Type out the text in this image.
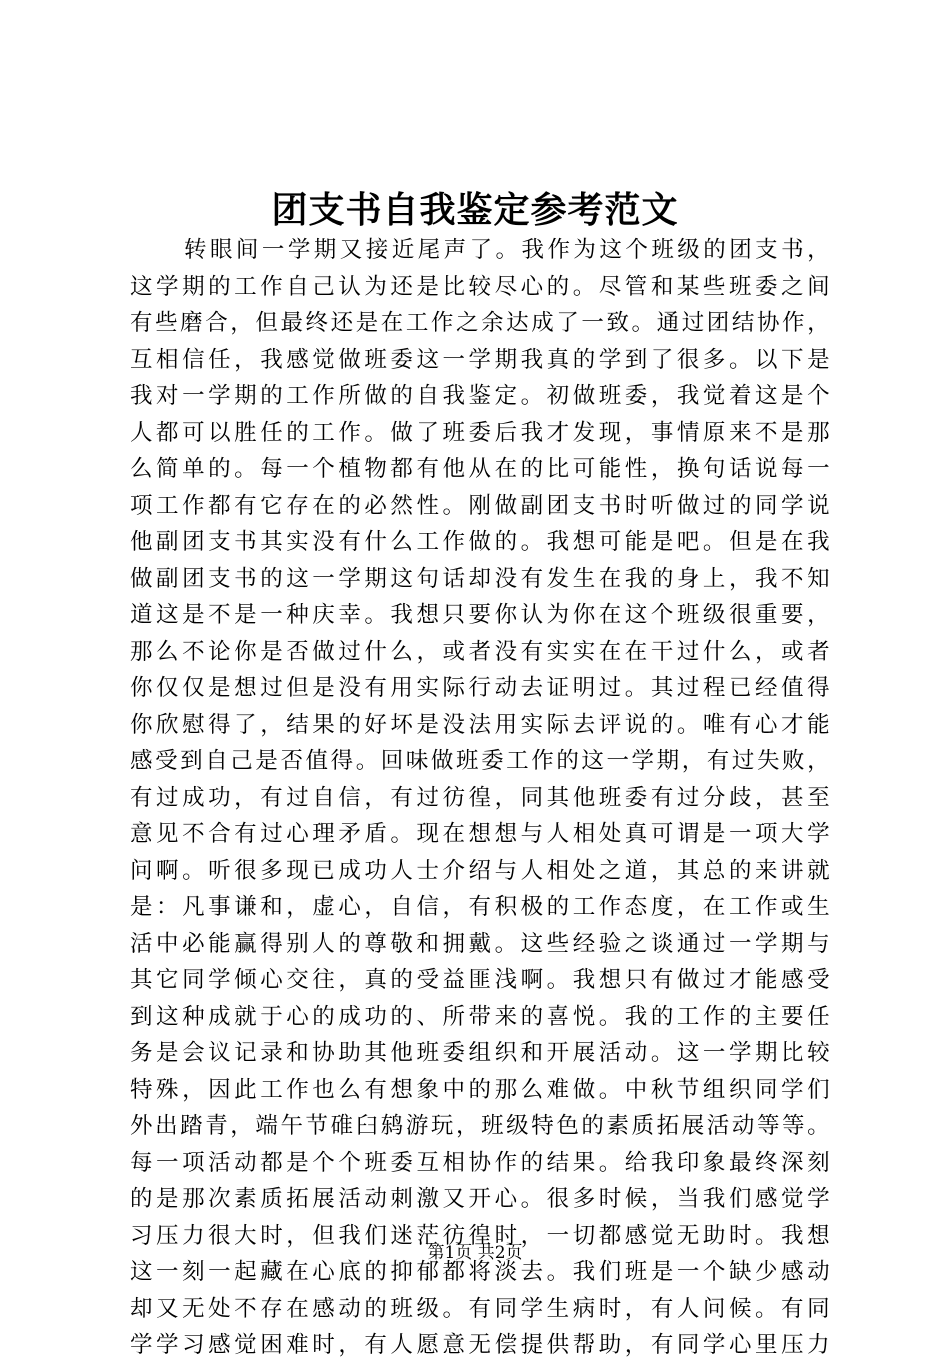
团支书自我鉴定参考范文
转眼间一学期又接近尾声了。我作为这个班级的团支书，
这学期的工作自己认为还是比较尽心的。尽管和某些班委之间
有些磨合，但最终还是在工作之余达成了一致。通过团结协作，
互相信任，我感觉做班委这一学期我真的学到了很多。以下是
我对一学期的工作所做的自我鉴定。初做班委，我觉着这是个
人都可以胜任的工作。做了班委后我才发现，事情原来不是那
么简单的。每一个植物都有他从在的比可能性，换句话说每一
项工作都有它存在的必然性。刚做副团支书时听做过的同学说
他副团支书其实没有什么工作做的。我想可能是吧。但是在我
做副团支书的这一学期这句话却没有发生在我的身上，我不知
道这是不是一种庆幸。我想只要你认为你在这个班级很重要，
那么不论你是否做过什么，或者没有实实在在干过什么，或者
你仅仅是想过但是没有用实际行动去证明过。其过程已经值得
你欣慰得了，结果的好坏是没法用实际去评说的。唯有心才能
感受到自己是否值得。回味做班委工作的这一学期，有过失败，
有过成功，有过自信，有过彷徨，同其他班委有过分歧，甚至
意见不合有过心理矛盾。现在想想与人相处真可谓是一项大学
问啊。听很多现已成功人士介绍与人相处之道，其总的来讲就
是：凡事谦和，虚心，自信，有积极的工作态度，在工作或生
活中必能赢得别人的尊敬和拥戴。这些经验之谈通过一学期与
其它同学倾心交往，真的受益匪浅啊。我想只有做过才能感受
到这种成就于心的成功的、所带来的喜悦。我的工作的主要任
务是会议记录和协助其他班委组织和开展活动。这一学期比较
特殊，因此工作也么有想象中的那么难做。中秋节组织同学们
外出踏青，端午节碓臼鸫游玩，班级特色的素质拓展活动等等。
每一项活动都是个个班委互相协作的结果。给我印象最终深刻
的是那次素质拓展活动刺激又开心。很多时候，当我们感觉学
习压力很大时，但我们迷茫彷徨时，一切都感觉无助时。我想
这一刻一起藏在心底的抑郁都将淡去。我们班是一个缺少感动
却又无处不存在感动的班级。有同学生病时，有人问候。有同
学学习感觉困难时，有人愿意无偿提供帮助，有同学心里压力
第1页 共2页
